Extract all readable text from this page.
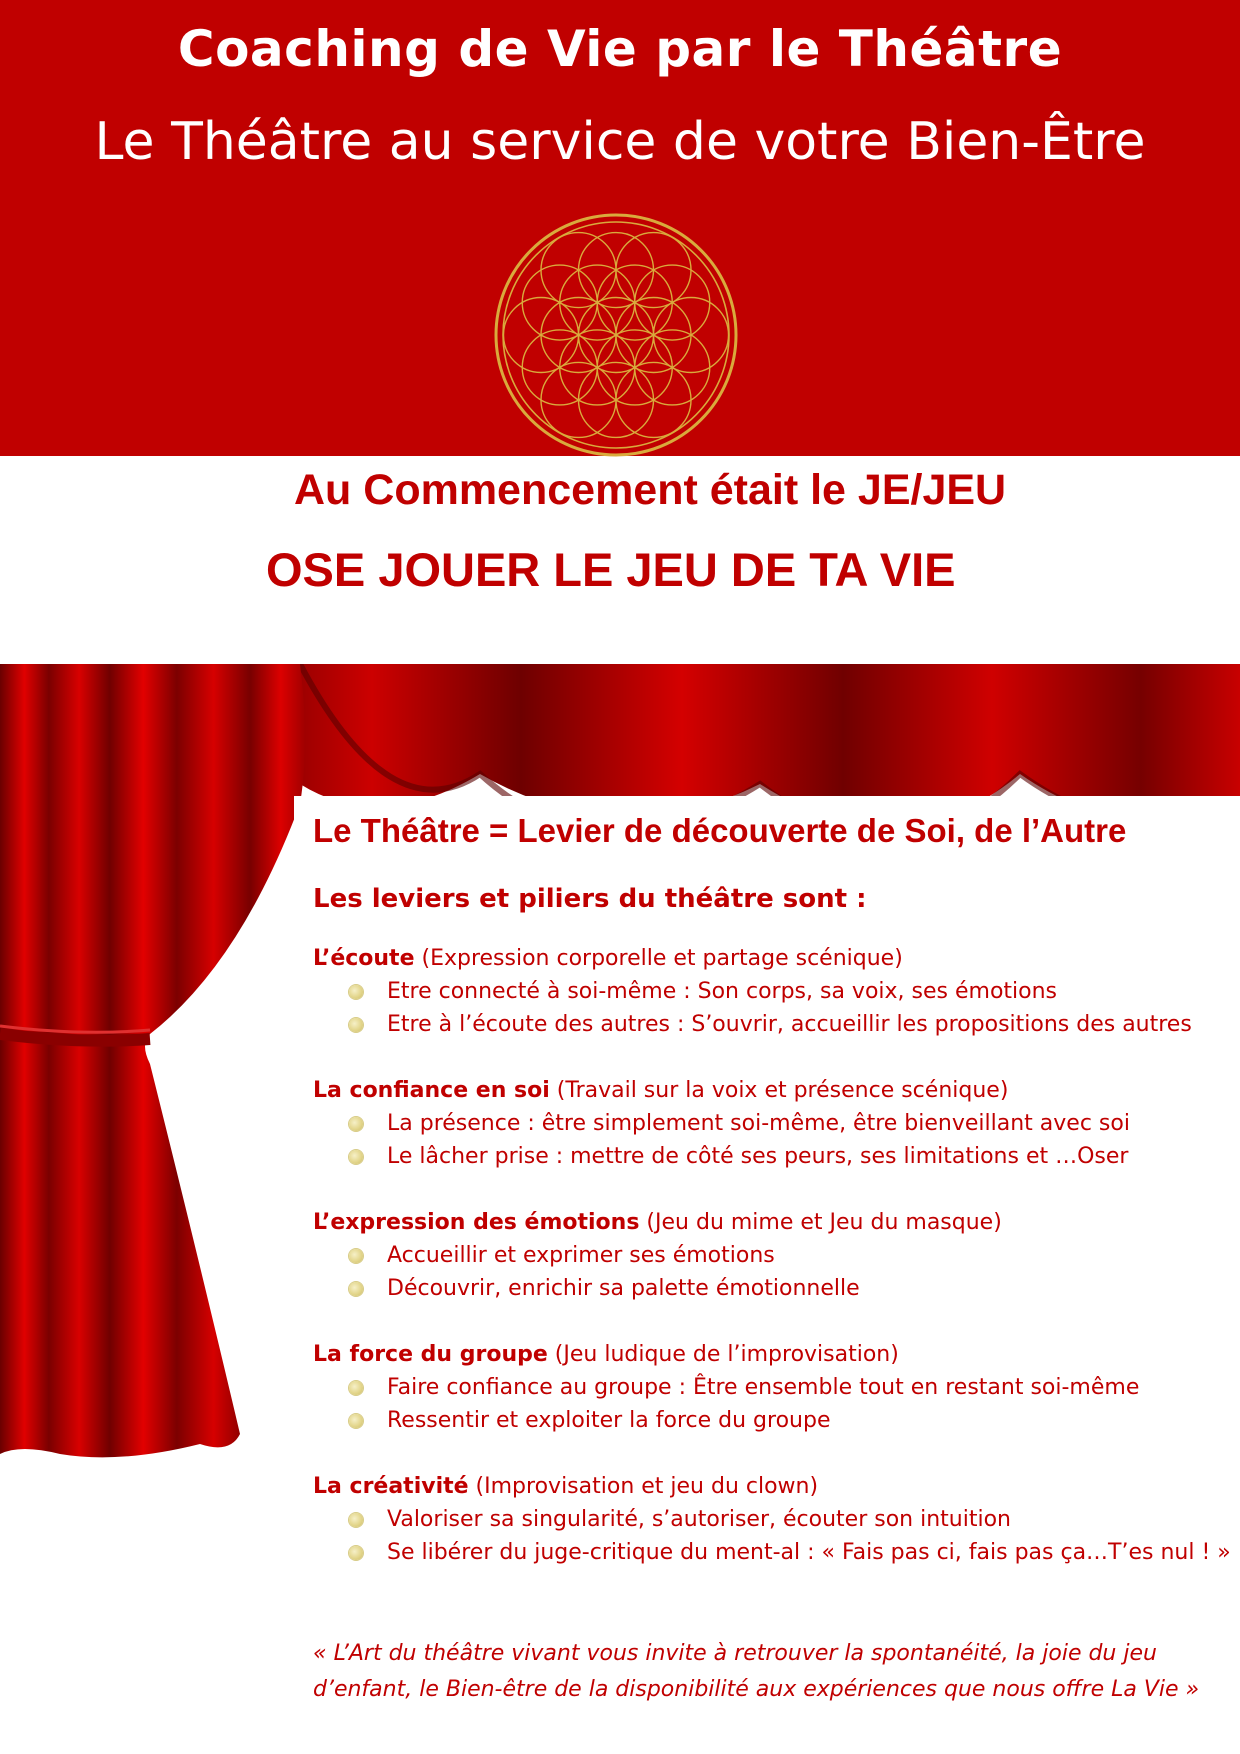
Coaching de Vie par le Théâtre
Le Théâtre au service de votre Bien-Être
Au Commencement était le JE/JEU
OSE JOUER LE JEU DE TA VIE
Le Théâtre = Levier de découverte de Soi, de l’Autre
Les leviers et piliers du théâtre sont :
L’écoute (Expression corporelle et partage scénique)
Etre connecté à soi-même : Son corps, sa voix, ses émotions
Etre à l’écoute des autres : S’ouvrir, accueillir les propositions des autres
La confiance en soi (Travail sur la voix et présence scénique)
La présence : être simplement soi-même, être bienveillant avec soi
Le lâcher prise : mettre de côté ses peurs, ses limitations et …Oser
L’expression des émotions (Jeu du mime et Jeu du masque)
Accueillir et exprimer ses émotions
Découvrir, enrichir sa palette émotionnelle
La force du groupe (Jeu ludique de l’improvisation)
Faire confiance au groupe : Être ensemble tout en restant soi-même
Ressentir et exploiter la force du groupe
La créativité (Improvisation et jeu du clown)
Valoriser sa singularité, s’autoriser, écouter son intuition
Se libérer du juge-critique du ment-al : « Fais pas ci, fais pas ça…T’es nul ! »
« L’Art du théâtre vivant vous invite à retrouver la spontanéité, la joie du jeu
d’enfant, le Bien-être de la disponibilité aux expériences que nous offre La Vie »
